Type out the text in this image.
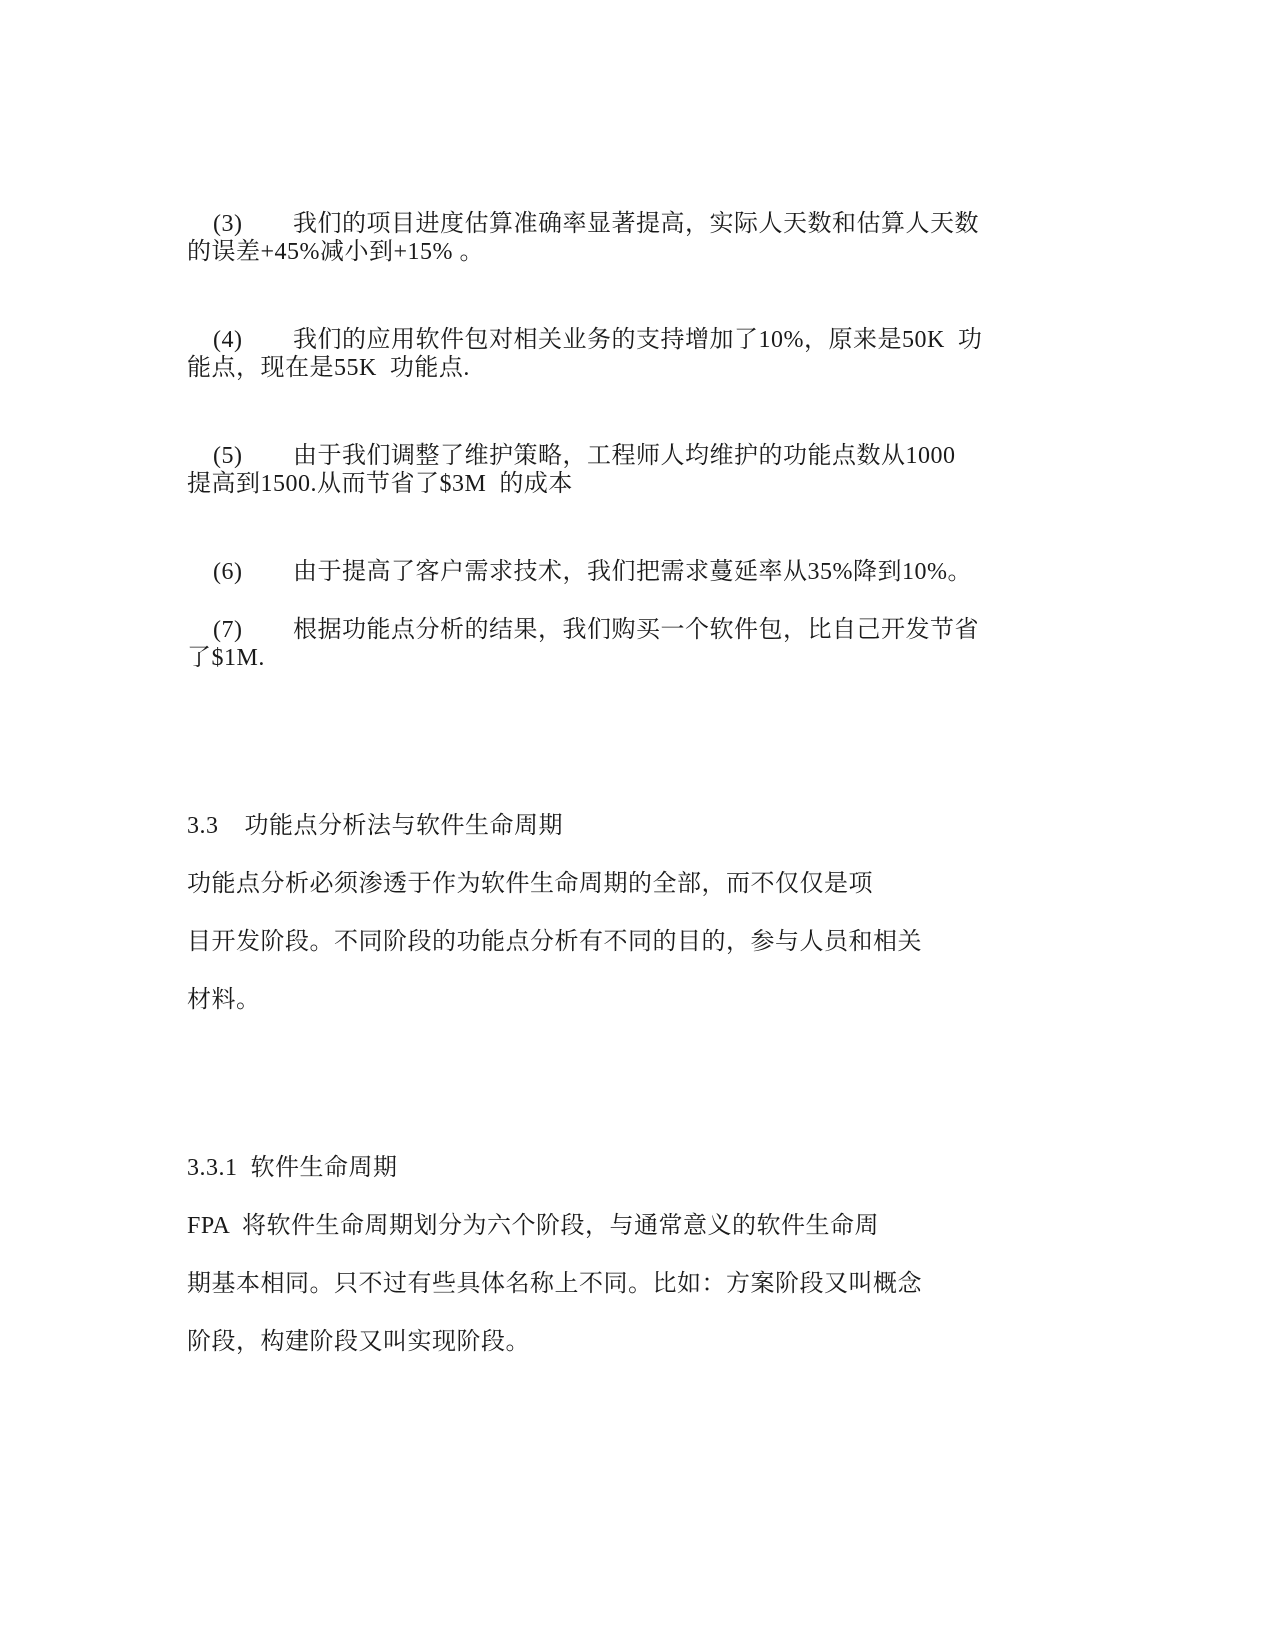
(3) 我们的项目进度估算准确率显著提高，实际人天数和估算人天数

的误差+45%减小到+15% 。

(4) 我们的应用软件包对相关业务的支持增加了10%，原来是50K  功

能点，现在是55K  功能点.

(5) 由于我们调整了维护策略，工程师人均维护的功能点数从1000

提高到1500.从而节省了$3M  的成本

(6) 由于提高了客户需求技术，我们把需求蔓延率从35%降到10%。

(7) 根据功能点分析的结果，我们购买一个软件包，比自己开发节省

了$1M.
3.3    功能点分析法与软件生命周期
功能点分析必须渗透于作为软件生命周期的全部，而不仅仅是项
目开发阶段。不同阶段的功能点分析有不同的目的，参与人员和相关
材料。
3.3.1  软件生命周期
FPA  将软件生命周期划分为六个阶段，与通常意义的软件生命周
期基本相同。只不过有些具体名称上不同。比如：方案阶段又叫概念
阶段，构建阶段又叫实现阶段。
